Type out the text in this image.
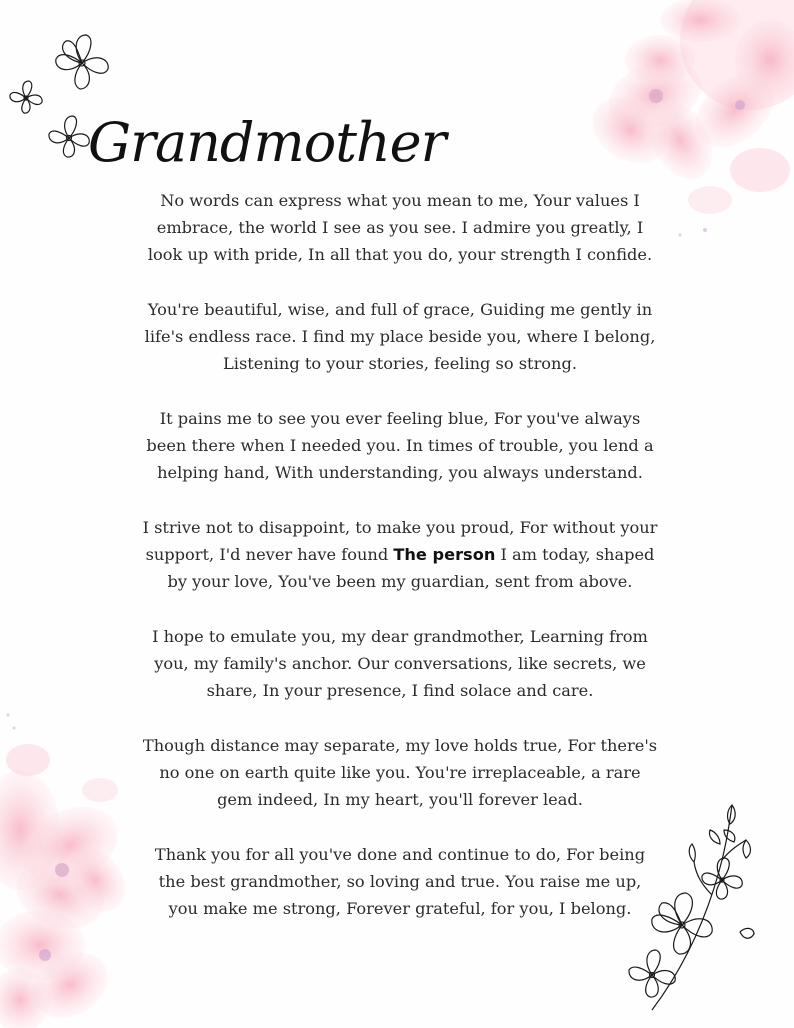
Grandmother

No words can express what you mean to me, Your values I

embrace, the world I see as you see. I admire you greatly, I

look up with pride, In all that you do, your strength I confide.

You're beautiful, wise, and full of grace, Guiding me gently in

life's endless race. I find my place beside you, where I belong,

Listening to your stories, feeling so strong.

It pains me to see you ever feeling blue, For you've always

been there when I needed you. In times of trouble, you lend a

helping hand, With understanding, you always understand.

I strive not to disappoint, to make you proud, For without your

support, I'd never have found The person I am today, shaped

by your love, You've been my guardian, sent from above.

I hope to emulate you, my dear grandmother, Learning from

you, my family's anchor. Our conversations, like secrets, we

share, In your presence, I find solace and care.

Though distance may separate, my love holds true, For there's

no one on earth quite like you. You're irreplaceable, a rare

gem indeed, In my heart, you'll forever lead.

Thank you for all you've done and continue to do, For being

the best grandmother, so loving and true. You raise me up,

you make me strong, Forever grateful, for you, I belong.
